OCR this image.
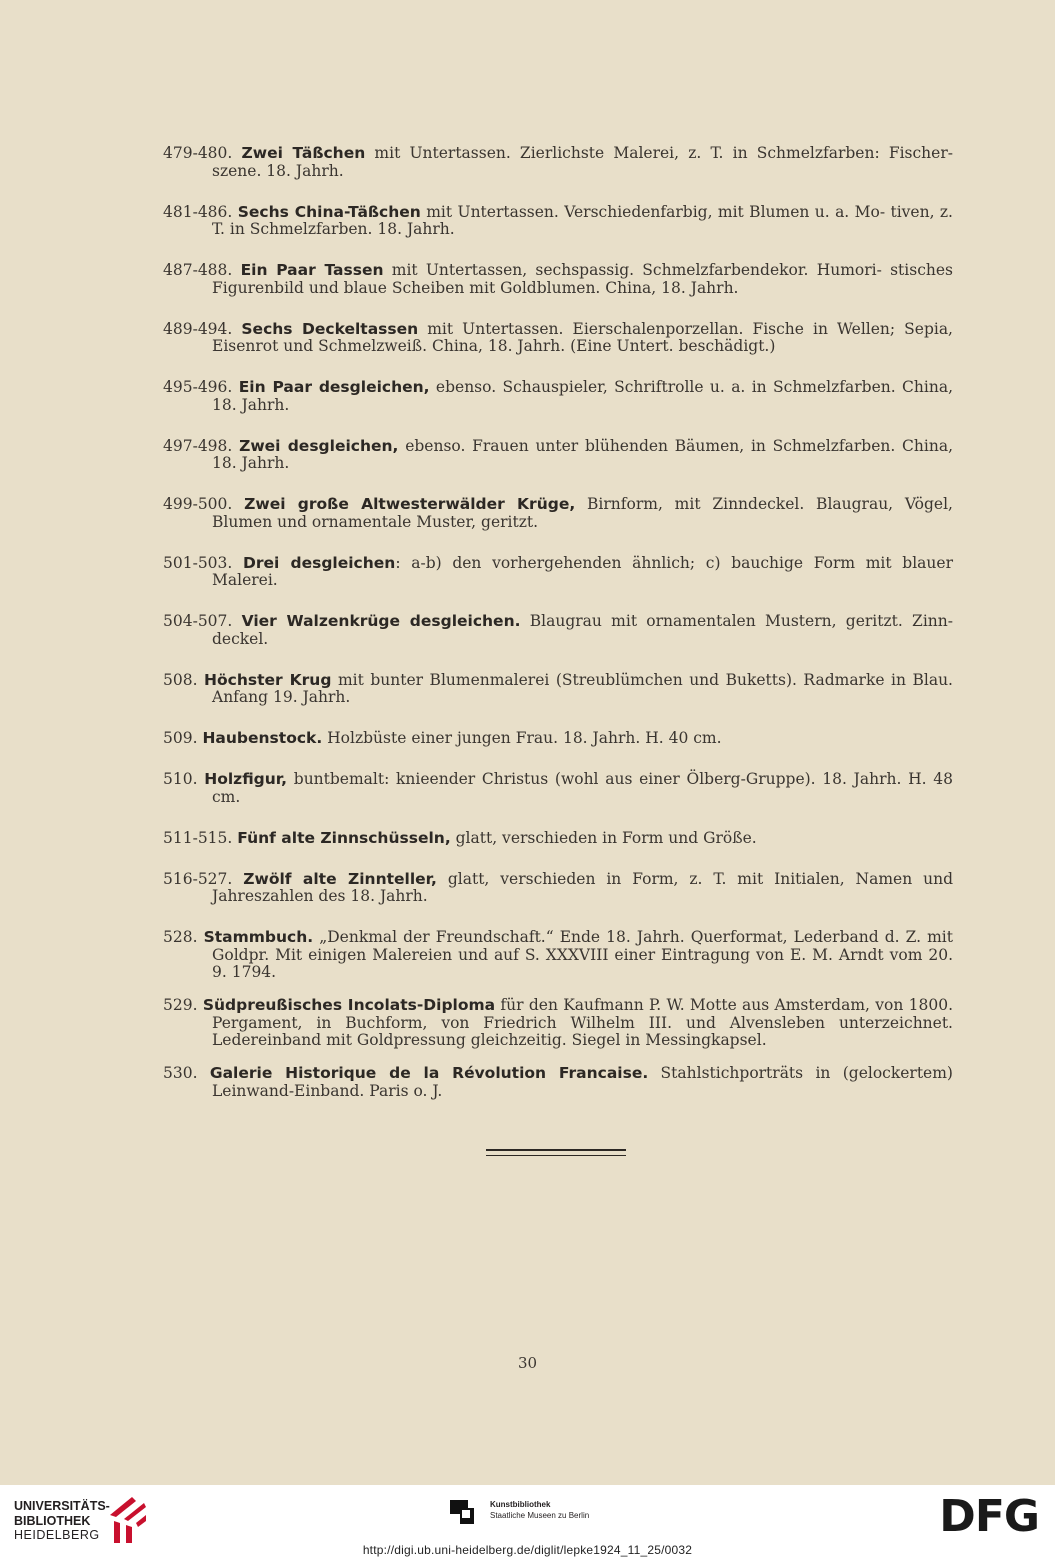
479-480. Zwei Täßchen mit Untertassen. Zierlichste Malerei, z. T. in Schmelzfarben: Fischer- szene. 18. Jahrh.

481-486. Sechs China-Täßchen mit Untertassen. Verschiedenfarbig, mit Blumen u. a. Mo- tiven, z. T. in Schmelzfarben. 18. Jahrh.

487-488. Ein Paar Tassen mit Untertassen, sechspassig. Schmelzfarbendekor. Humori- stisches Figurenbild und blaue Scheiben mit Goldblumen. China, 18. Jahrh.

489-494. Sechs Deckeltassen mit Untertassen. Eierschalenporzellan. Fische in Wellen; Sepia, Eisenrot und Schmelzweiß. China, 18. Jahrh. (Eine Untert. beschädigt.)

495-496. Ein Paar desgleichen, ebenso. Schauspieler, Schriftrolle u. a. in Schmelzfarben. China, 18. Jahrh.

497-498. Zwei desgleichen, ebenso. Frauen unter blühenden Bäumen, in Schmelzfarben. China, 18. Jahrh.

499-500. Zwei große Altwesterwälder Krüge, Birnform, mit Zinndeckel. Blaugrau, Vögel, Blumen und ornamentale Muster, geritzt.

501-503. Drei desgleichen: a-b) den vorhergehenden ähnlich; c) bauchige Form mit blauer Malerei.

504-507. Vier Walzenkrüge desgleichen. Blaugrau mit ornamentalen Mustern, geritzt. Zinn- deckel.

508. Höchster Krug mit bunter Blumenmalerei (Streublümchen und Buketts). Radmarke in Blau. Anfang 19. Jahrh.

509. Haubenstock. Holzbüste einer jungen Frau. 18. Jahrh. H. 40 cm.

510. Holzfigur, buntbemalt: knieender Christus (wohl aus einer Ölberg-Gruppe). 18. Jahrh. H. 48 cm.

511-515. Fünf alte Zinnschüsseln, glatt, verschieden in Form und Größe.

516-527. Zwölf alte Zinnteller, glatt, verschieden in Form, z. T. mit Initialen, Namen und Jahreszahlen des 18. Jahrh.

528. Stammbuch. „Denkmal der Freundschaft.“ Ende 18. Jahrh. Querformat, Lederband d. Z. mit Goldpr. Mit einigen Malereien und auf S. XXXVIII einer Eintragung von E. M. Arndt vom 20. 9. 1794.

529. Südpreußisches Incolats-Diploma für den Kaufmann P. W. Motte aus Amsterdam, von 1800. Pergament, in Buchform, von Friedrich Wilhelm III. und Alvensleben unterzeichnet. Ledereinband mit Goldpressung gleichzeitig. Siegel in Messingkapsel.

530. Galerie Historique de la Révolution Francaise. Stahlstichporträts in (gelockertem) Leinwand-Einband. Paris o. J.

30
UNIVERSITÄTS-
BIBLIOTHEK
HEIDELBERG
Kunstbibliothek
Staatliche Museen zu Berlin	DFG
http://digi.ub.uni-heidelberg.de/diglit/lepke1924_11_25/0032
